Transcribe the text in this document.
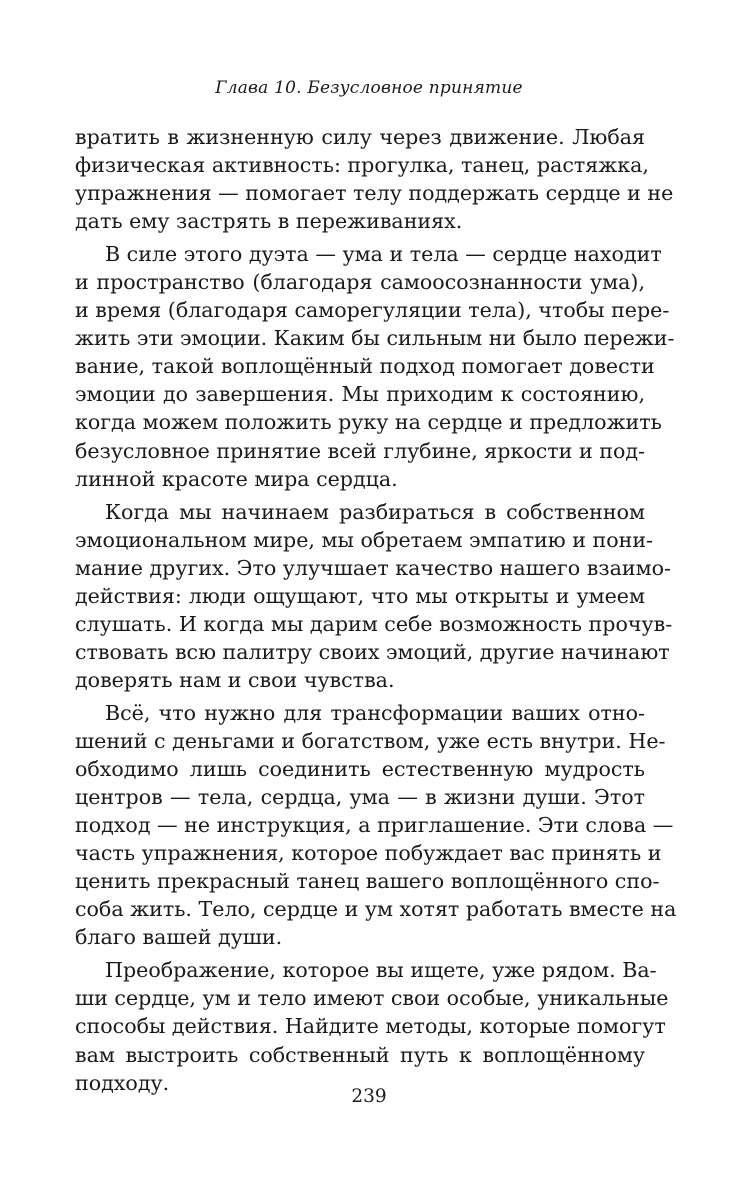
Глава 10. Безусловное принятие
вратить в жизненную силу через движение. Любая
физическая активность: прогулка, танец, растяжка,
упражнения — помогает телу поддержать сердце и не
дать ему застрять в переживаниях.
В силе этого дуэта — ума и тела — сердце находит
и пространство (благодаря самоосознанности ума),
и время (благодаря саморегуляции тела), чтобы пере-
жить эти эмоции. Каким бы сильным ни было пережи-
вание, такой воплощённый подход помогает довести
эмоции до завершения. Мы приходим к состоянию,
когда можем положить руку на сердце и предложить
безусловное принятие всей глубине, яркости и под-
линной красоте мира сердца.
Когда мы начинаем разбираться в собственном
эмоциональном мире, мы обретаем эмпатию и пони-
мание других. Это улучшает качество нашего взаимо-
действия: люди ощущают, что мы открыты и умеем
слушать. И когда мы дарим себе возможность прочув-
ствовать всю палитру своих эмоций, другие начинают
доверять нам и свои чувства.
Всё, что нужно для трансформации ваших отно-
шений с деньгами и богатством, уже есть внутри. Не-
обходимо лишь соединить естественную мудрость
центров — тела, сердца, ума — в жизни души. Этот
подход — не инструкция, а приглашение. Эти слова —
часть упражнения, которое побуждает вас принять и
ценить прекрасный танец вашего воплощённого спо-
соба жить. Тело, сердце и ум хотят работать вместе на
благо вашей души.
Преображение, которое вы ищете, уже рядом. Ва-
ши сердце, ум и тело имеют свои особые, уникальные
способы действия. Найдите методы, которые помогут
вам выстроить собственный путь к воплощённому
подходу.
239
